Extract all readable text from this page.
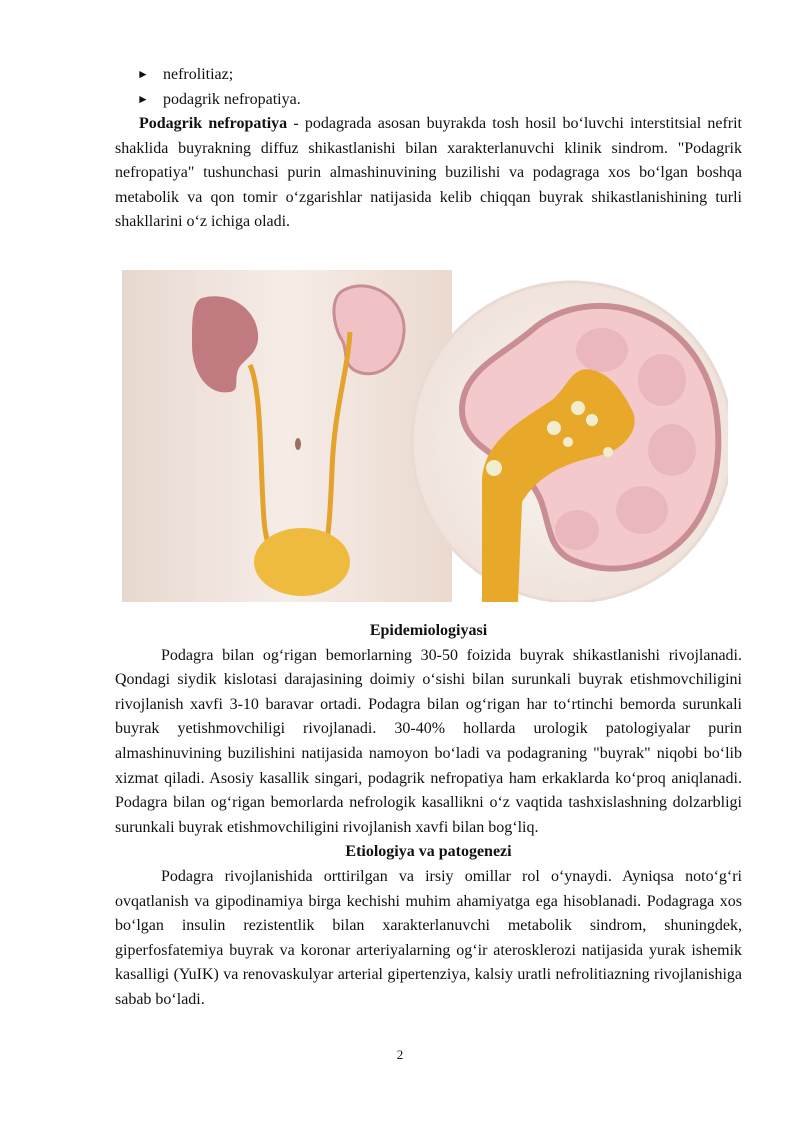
► nefrolitiaz;
► podagrik nefropatiya.

Podagrik nefropatiya - podagrada asosan buyrakda tosh hosil bo‘luvchi interstitsial nefrit shaklida buyrakning diffuz shikastlanishi bilan xarakterlanuvchi klinik sindrom. "Podagrik nefropatiya" tushunchasi purin almashinuvining buzilishi va podagraga xos bo‘lgan boshqa metabolik va qon tomir o‘zgarishlar natijasida kelib chiqqan buyrak shikastlanishining turli shakllarini o‘z ichiga oladi.

Epidemiologiyasi

Podagra bilan og‘rigan bemorlarning 30-50 foizida buyrak shikastlanishi rivojlanadi. Qondagi siydik kislotasi darajasining doimiy o‘sishi bilan surunkali buyrak etishmovchiligini rivojlanish xavfi 3-10 baravar ortadi. Podagra bilan og‘rigan har to‘rtinchi bemorda surunkali buyrak yetishmovchiligi rivojlanadi. 30-40% hollarda urologik patologiyalar purin almashinuvining buzilishini natijasida namoyon bo‘ladi va podagraning "buyrak" niqobi bo‘lib xizmat qiladi. Asosiy kasallik singari, podagrik nefropatiya ham erkaklarda ko‘proq aniqlanadi. Podagra bilan og‘rigan bemorlarda nefrologik kasallikni o‘z vaqtida tashxislashning dolzarbligi surunkali buyrak etishmovchiligini rivojlanish xavfi bilan bog‘liq.

Etiologiya va patogenezi

Podagra rivojlanishida orttirilgan va irsiy omillar rol o‘ynaydi. Ayniqsa noto‘g‘ri ovqatlanish va gipodinamiya birga kechishi muhim ahamiyatga ega hisoblanadi. Podagraga xos bo‘lgan insulin rezistentlik bilan xarakterlanuvchi metabolik sindrom, shuningdek, giperfosfatemiya buyrak va koronar arteriyalarning og‘ir aterosklerozi natijasida yurak ishemik kasalligi (YuIK) va renovaskulyar arterial gipertenziya, kalsiy uratli nefrolitiazning rivojlanishiga sabab bo‘ladi.

2
